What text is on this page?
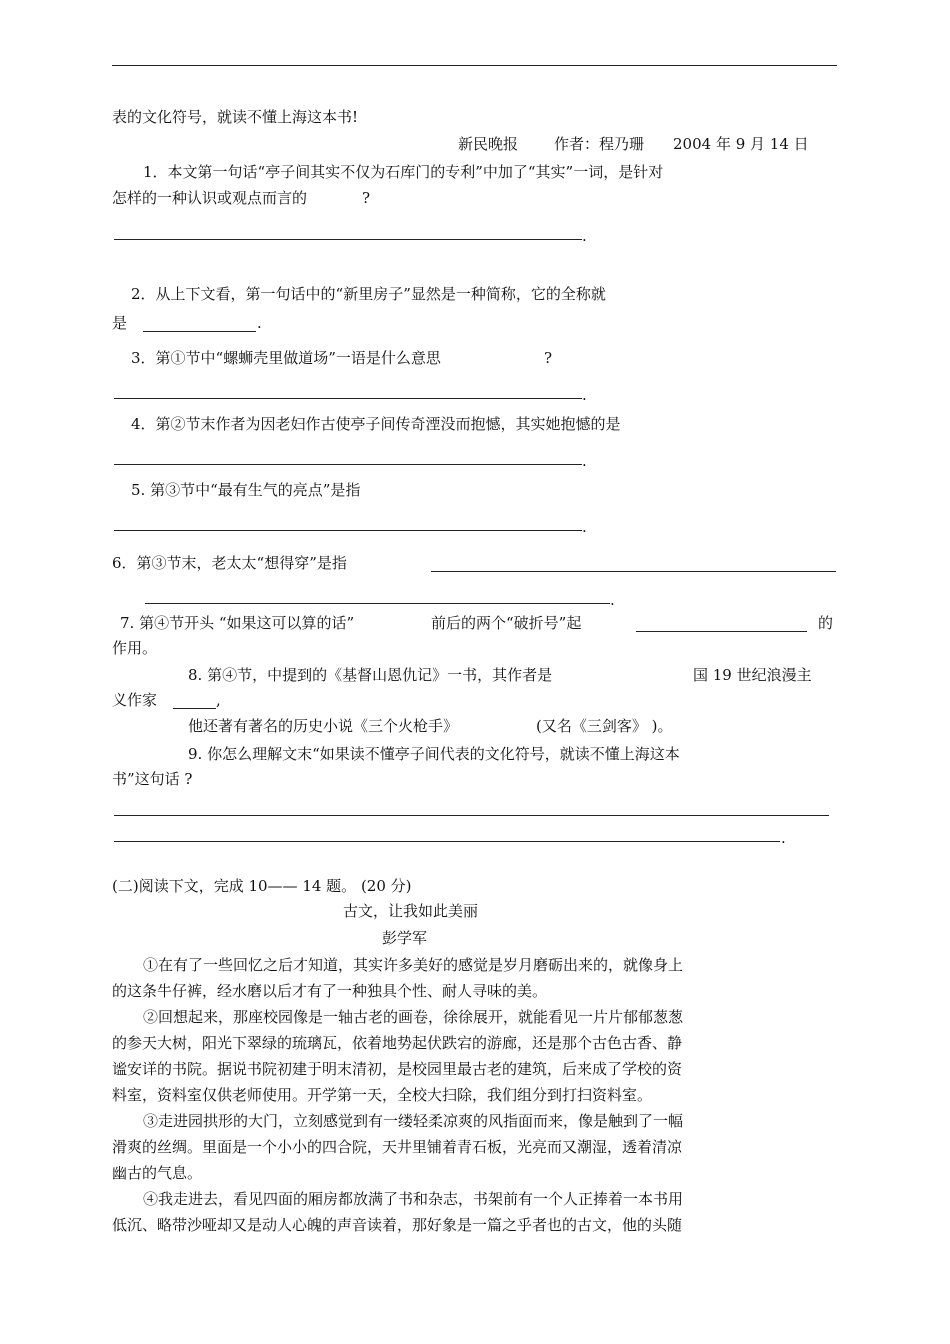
表的文化符号，就读不懂上海这本书!
新民晚报 作者：程乃珊 2004 年 9 月 14 日
1．本文第一句话“亭子间其实不仅为石库门的专利”中加了“其实”一词，是针对
怎样的一种认识或观点而言的	?
.
2．从上下文看，第一句话中的“新里房子”显然是一种简称，它的全称就
是	.
3．第①节中“螺蛳壳里做道场”一语是什么意思	?
.
4．第②节末作者为因老妇作古使亭子间传奇湮没而抱憾，其实她抱憾的是
.
5. 第③节中“最有生气的亮点”是指
.
6．第③节末，老太太“想得穿”是指
.
7. 第④节开头 “如果这可以算的话”	前后的两个“破折号”起	的
作用。
8. 第④节，中提到的《基督山恩仇记》一书，其作者是	国 19 世纪浪漫主
义作家	,
他还著有著名的历史小说《三个火枪手》	(又名《三剑客》 )。
9. 你怎么理解文末“如果读不懂亭子间代表的文化符号，就读不懂上海这本
书”这句话 ?
.
(二)阅读下文，完成 10—— 14 题。 (20 分)
古文，让我如此美丽
彭学军
①在有了一些回忆之后才知道，其实许多美好的感觉是岁月磨砺出来的，就像身上
的这条牛仔裤，经水磨以后才有了一种独具个性、耐人寻味的美。
②回想起来，那座校园像是一轴古老的画卷，徐徐展开，就能看见一片片郁郁葱葱
的参天大树，阳光下翠绿的琉璃瓦，依着地势起伏跌宕的游廊，还是那个古色古香、静
谧安详的书院。据说书院初建于明末清初，是校园里最古老的建筑，后来成了学校的资
料室，资料室仅供老师使用。开学第一天，全校大扫除，我们组分到打扫资料室。
③走进园拱形的大门，立刻感觉到有一缕轻柔凉爽的风指面而来，像是触到了一幅
滑爽的丝绸。里面是一个小小的四合院，天井里铺着青石板，光亮而又潮湿，透着清凉
幽古的气息。
④我走进去，看见四面的厢房都放满了书和杂志，书架前有一个人正捧着一本书用
低沉、略带沙哑却又是动人心魄的声音读着，那好象是一篇之乎者也的古文，他的头随
